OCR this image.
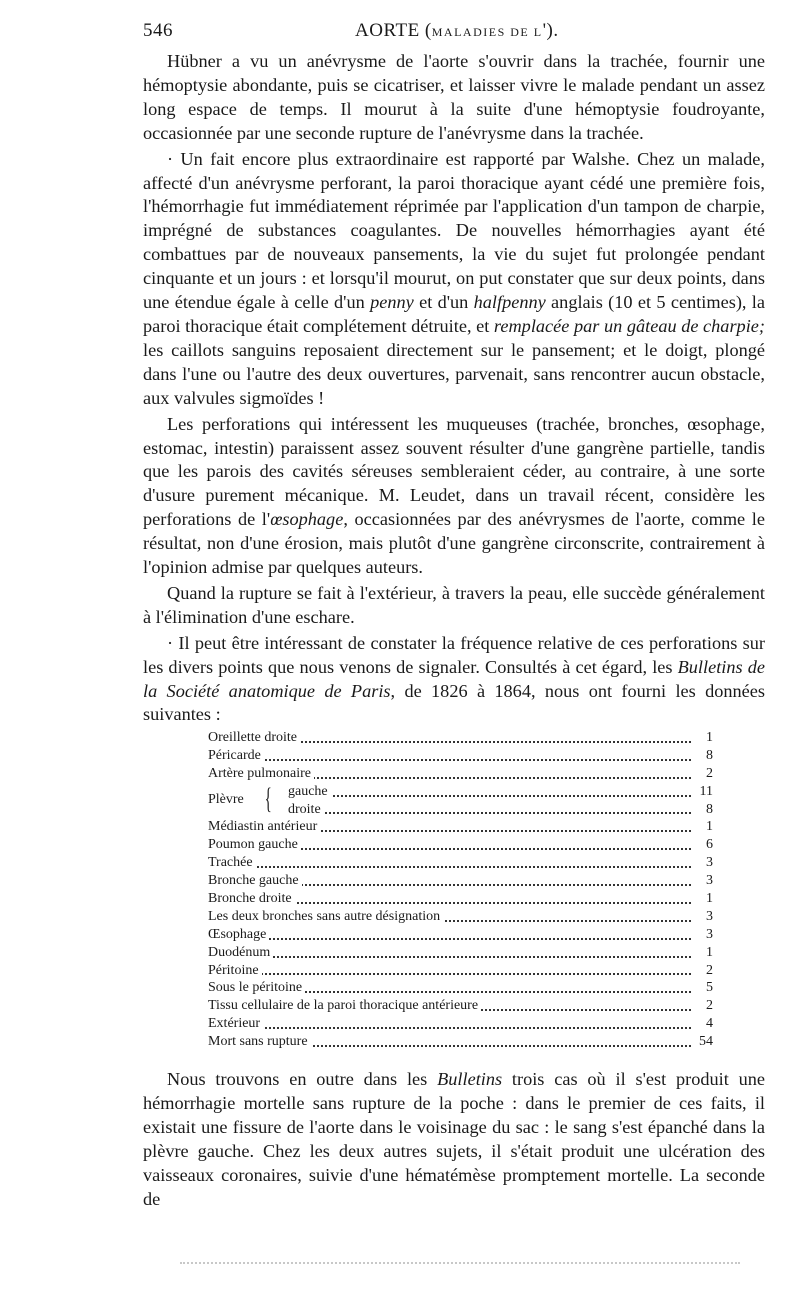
546	AORTE (MALADIES DE L').

Hübner a vu un anévrysme de l'aorte s'ouvrir dans la trachée, fournir une hémoptysie abondante, puis se cicatriser, et laisser vivre le malade pendant un assez long espace de temps. Il mourut à la suite d'une hémoptysie foudroyante, occasionnée par une seconde rupture de l'anévrysme dans la trachée.

· Un fait encore plus extraordinaire est rapporté par Walshe. Chez un malade, affecté d'un anévrysme perforant, la paroi thoracique ayant cédé une première fois, l'hémorrhagie fut immédiatement réprimée par l'application d'un tampon de charpie, imprégné de substances coagulantes. De nouvelles hémorrhagies ayant été combattues par de nouveaux pansements, la vie du sujet fut prolongée pendant cinquante et un jours : et lorsqu'il mourut, on put constater que sur deux points, dans une étendue égale à celle d'un penny et d'un halfpenny anglais (10 et 5 centimes), la paroi thoracique était complétement détruite, et remplacée par un gâteau de charpie; les caillots sanguins reposaient directement sur le pansement; et le doigt, plongé dans l'une ou l'autre des deux ouvertures, parvenait, sans rencontrer aucun obstacle, aux valvules sigmoïdes !

Les perforations qui intéressent les muqueuses (trachée, bronches, œsophage, estomac, intestin) paraissent assez souvent résulter d'une gangrène partielle, tandis que les parois des cavités séreuses sembleraient céder, au contraire, à une sorte d'usure purement mécanique. M. Leudet, dans un travail récent, considère les perforations de l'œsophage, occasionnées par des anévrysmes de l'aorte, comme le résultat, non d'une érosion, mais plutôt d'une gangrène circonscrite, contrairement à l'opinion admise par quelques auteurs.

Quand la rupture se fait à l'extérieur, à travers la peau, elle succède généralement à l'élimination d'une eschare.

· Il peut être intéressant de constater la fréquence relative de ces perforations sur les divers points que nous venons de signaler. Consultés à cet égard, les Bulletins de la Société anatomique de Paris, de 1826 à 1864, nous ont fourni les données suivantes :

Oreillette droite	1
Péricarde	8
Artère pulmonaire	2
Plèvre {	gauche	11
droite	8
Médiastin antérieur	1
Poumon gauche	6
Trachée	3
Bronche gauche	3
Bronche droite	1
Les deux bronches sans autre désignation	3
Œsophage	3
Duodénum	1
Péritoine	2
Sous le péritoine	5
Tissu cellulaire de la paroi thoracique antérieure	2
Extérieur	4
Mort sans rupture	54

Nous trouvons en outre dans les Bulletins trois cas où il s'est produit une hémorrhagie mortelle sans rupture de la poche : dans le premier de ces faits, il existait une fissure de l'aorte dans le voisinage du sac : le sang s'est épanché dans la plèvre gauche. Chez les deux autres sujets, il s'était produit une ulcération des vaisseaux coronaires, suivie d'une hématémèse promptement mortelle. La seconde de
